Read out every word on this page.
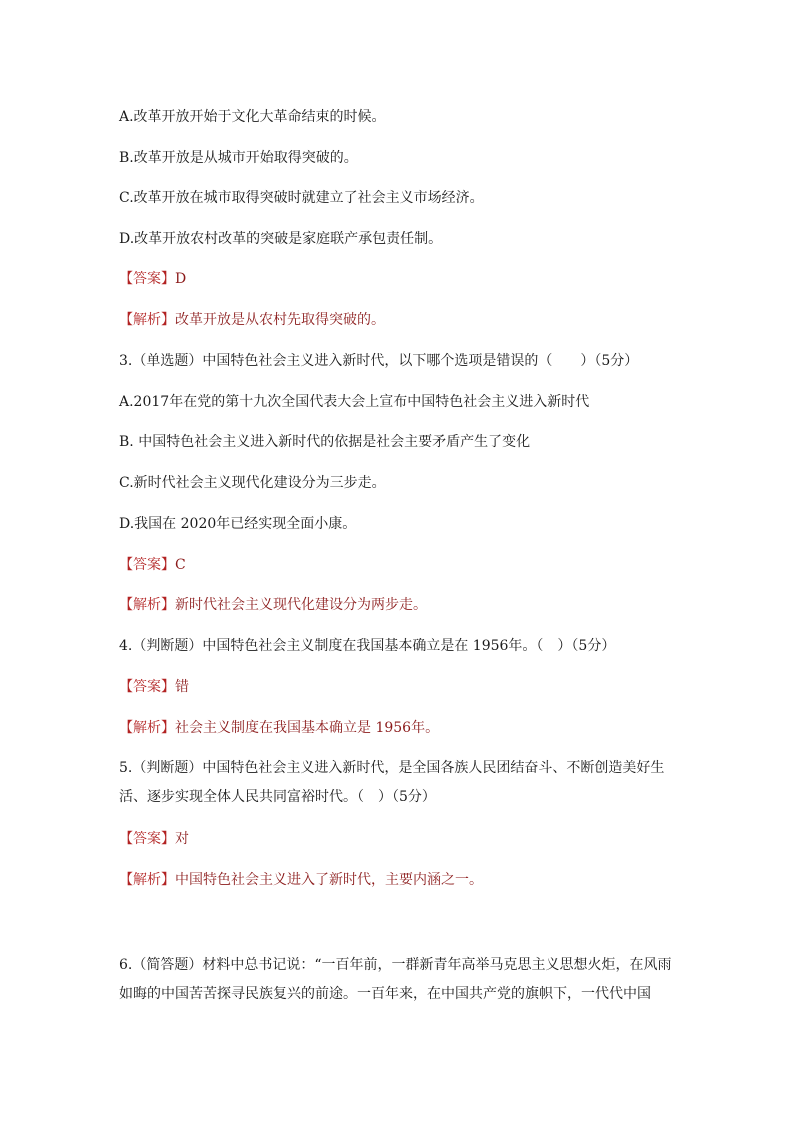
A.改革开放开始于文化大革命结束的时候。
B.改革开放是从城市开始取得突破的。
C.改革开放在城市取得突破时就建立了社会主义市场经济。
D.改革开放农村改革的突破是家庭联产承包责任制。
【答案】D
【解析】改革开放是从农村先取得突破的。
3.（单选题）中国特色社会主义进入新时代，以下哪个选项是错误的（　　）（5分）
A.2017年在党的第十九次全国代表大会上宣布中国特色社会主义进入新时代
B. 中国特色社会主义进入新时代的依据是社会主要矛盾产生了变化
C.新时代社会主义现代化建设分为三步走。
D.我国在 2020年已经实现全面小康。
【答案】C
【解析】新时代社会主义现代化建设分为两步走。
4.（判断题）中国特色社会主义制度在我国基本确立是在 1956年。（　）（5分）
【答案】错
【解析】社会主义制度在我国基本确立是 1956年。
5.（判断题）中国特色社会主义进入新时代，是全国各族人民团结奋斗、不断创造美好生活、逐步实现全体人民共同富裕时代。（　）（5分）
【答案】对
【解析】中国特色社会主义进入了新时代，主要内涵之一。
6.（简答题）材料中总书记说：“一百年前，一群新青年高举马克思主义思想火炬，在风雨如晦的中国苦苦探寻民族复兴的前途。一百年来，在中国共产党的旗帜下，一代代中国
